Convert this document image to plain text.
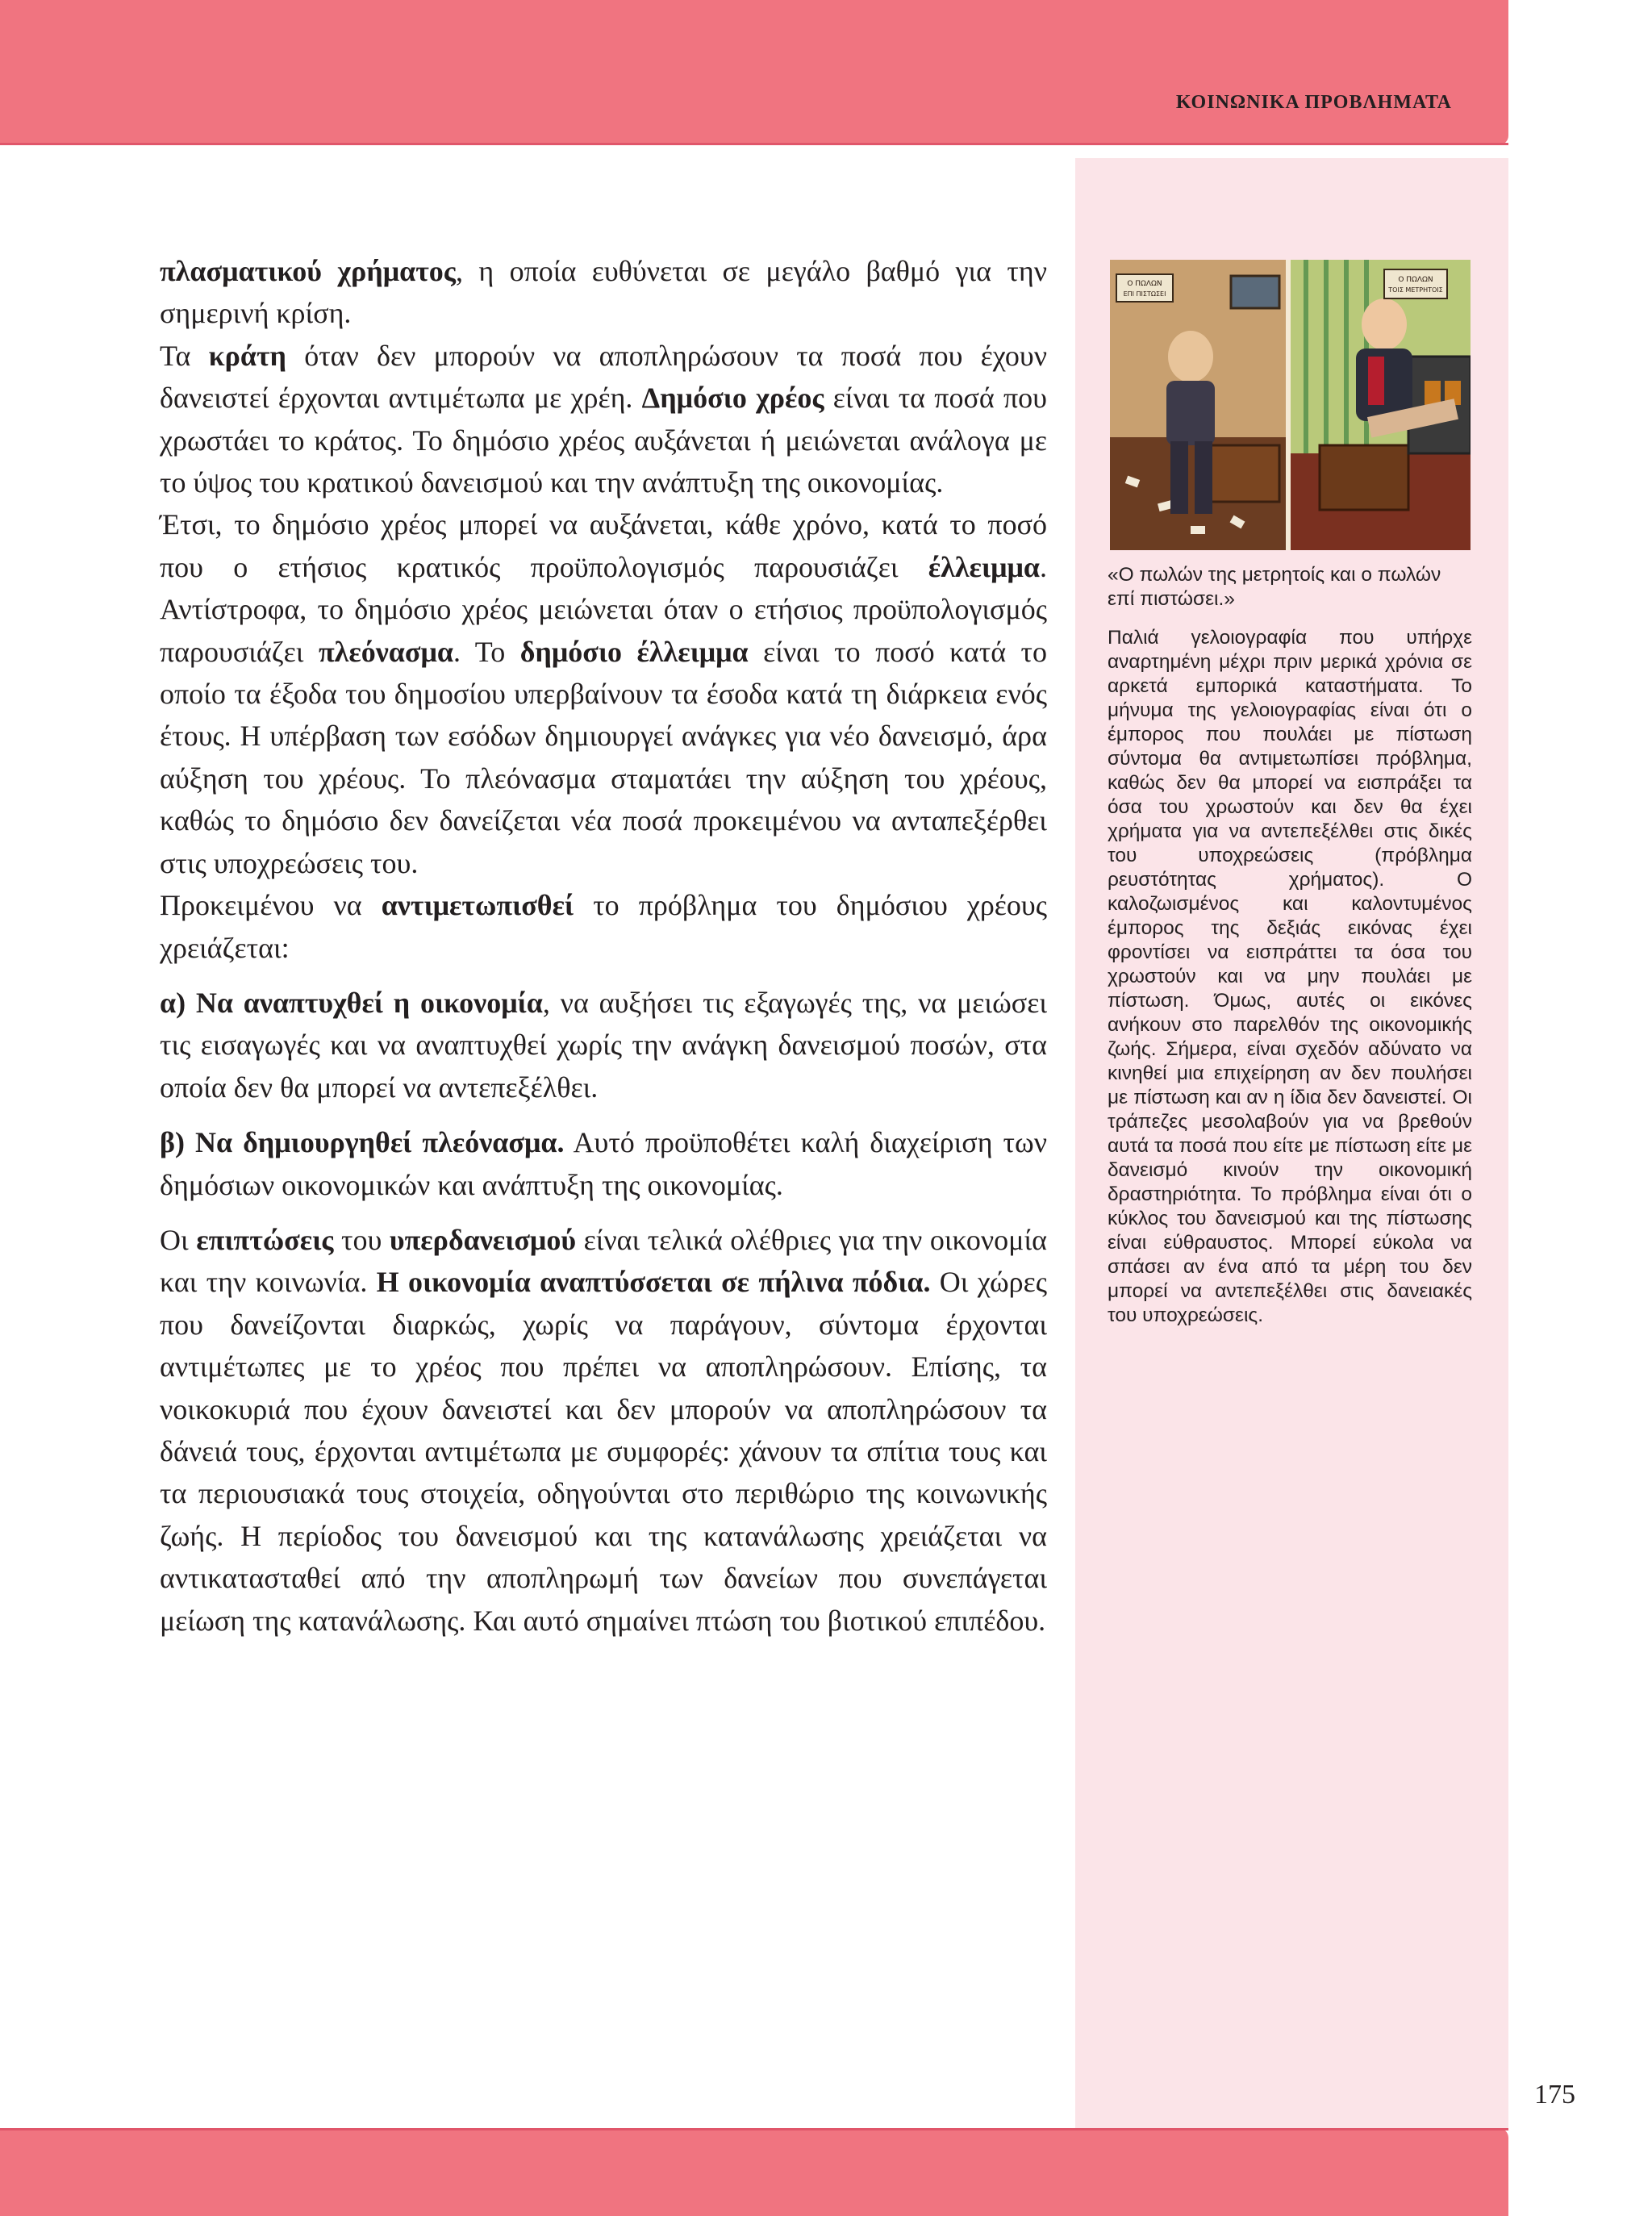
ΚΟΙΝΩΝΙΚΑ ΠΡΟΒΛΗΜΑΤΑ

πλασματικού χρήματος, η οποία ευθύνεται σε μεγάλο βαθμό για την σημερινή κρίση.

Τα κράτη όταν δεν μπορούν να αποπληρώσουν τα ποσά που έχουν δανειστεί έρχονται αντιμέτωπα με χρέη. Δημόσιο χρέος είναι τα ποσά που χρωστάει το κράτος. Το δημόσιο χρέος αυξάνεται ή μειώνεται ανάλογα με το ύψος του κρατικού δανεισμού και την ανάπτυξη της οικονομίας.

Έτσι, το δημόσιο χρέος μπορεί να αυξάνεται, κάθε χρόνο, κατά το ποσό που ο ετήσιος κρατικός προϋπολογισμός παρουσιάζει έλλειμμα. Αντίστροφα, το δημόσιο χρέος μειώνεται όταν ο ετήσιος προϋπολογισμός παρουσιάζει πλεόνασμα. Το δημόσιο έλλειμμα είναι το ποσό κατά το οποίο τα έξοδα του δημοσίου υπερβαίνουν τα έσοδα κατά τη διάρκεια ενός έτους. Η υπέρβαση των εσόδων δημιουργεί ανάγκες για νέο δανεισμό, άρα αύξηση του χρέους. Το πλεόνασμα σταματάει την αύξηση του χρέους, καθώς το δημόσιο δεν δανείζεται νέα ποσά προκειμένου να ανταπεξέρθει στις υποχρεώσεις του.

Προκειμένου να αντιμετωπισθεί το πρόβλημα του δημόσιου χρέους χρειάζεται:

α) Να αναπτυχθεί η οικονομία, να αυξήσει τις εξαγωγές της, να μειώσει τις εισαγωγές και να αναπτυχθεί χωρίς την ανάγκη δανεισμού ποσών, στα οποία δεν θα μπορεί να αντεπεξέλθει.

β) Να δημιουργηθεί πλεόνασμα. Αυτό προϋποθέτει καλή διαχείριση των δημόσιων οικονομικών και ανάπτυξη της οικονομίας.

Οι επιπτώσεις του υπερδανεισμού είναι τελικά ολέθριες για την οικονομία και την κοινωνία. Η οικονομία αναπτύσσεται σε πήλινα πόδια. Οι χώρες που δανείζονται διαρκώς, χωρίς να παράγουν, σύντομα έρχονται αντιμέτωπες με το χρέος που πρέπει να αποπληρώσουν. Επίσης, τα νοικοκυριά που έχουν δανειστεί και δεν μπορούν να αποπληρώσουν τα δάνειά τους, έρχονται αντιμέτωπα με συμφορές: χάνουν τα σπίτια τους και τα περιουσιακά τους στοιχεία, οδηγούνται στο περιθώριο της κοινωνικής ζωής. Η περίοδος του δανεισμού και της κατανάλωσης χρειάζεται να αντικατασταθεί από την αποπληρωμή των δανείων που συνεπάγεται μείωση της κατανάλωσης. Και αυτό σημαίνει πτώση του βιοτικού επιπέδου.

Ο ΠΩΛΩΝ
ΕΠΙ ΠΙΣΤΩΣΕΙ
Ο ΠΩΛΩΝ
ΤΟΙΣ ΜΕΤΡΗΤΟΙΣ

«Ο πωλών της μετρητοίς και ο πωλών επί πιστώσει.»

Παλιά γελοιογραφία που υπήρχε αναρτημένη μέχρι πριν μερικά χρόνια σε αρκετά εμπορικά καταστήματα. Το μήνυμα της γελοιογραφίας είναι ότι ο έμπορος που πουλάει με πίστωση σύντομα θα αντιμετωπίσει πρόβλημα, καθώς δεν θα μπορεί να εισπράξει τα όσα του χρωστούν και δεν θα έχει χρήματα για να αντεπεξέλθει στις δικές του υποχρεώσεις (πρόβλημα ρευστότητας χρήματος). Ο καλοζωισμένος και καλοντυμένος έμπορος της δεξιάς εικόνας έχει φροντίσει να εισπράττει τα όσα του χρωστούν και να μην πουλάει με πίστωση. Όμως, αυτές οι εικόνες ανήκουν στο παρελθόν της οικονομικής ζωής. Σήμερα, είναι σχεδόν αδύνατο να κινηθεί μια επιχείρηση αν δεν πουλήσει με πίστωση και αν η ίδια δεν δανειστεί. Οι τράπεζες μεσολαβούν για να βρεθούν αυτά τα ποσά που είτε με πίστωση είτε με δανεισμό κινούν την οικονομική δραστηριότητα. Το πρόβλημα είναι ότι ο κύκλος του δανεισμού και της πίστωσης είναι εύθραυστος. Μπορεί εύκολα να σπάσει αν ένα από τα μέρη του δεν μπορεί να αντεπεξέλθει στις δανειακές του υποχρεώσεις.

175
